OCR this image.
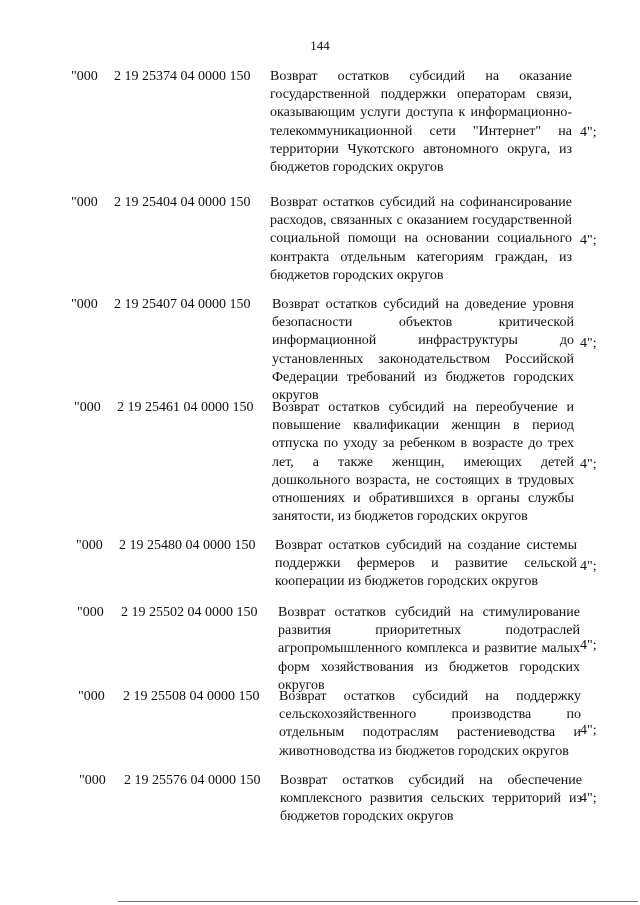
144
"000 2 19 25374 04 0000 150 Возврат остатков субсидий на оказание государственной поддержки операторам связи, оказывающим услуги доступа к информационно-телекоммуникационной сети "Интернет" на территории Чукотского автономного округа, из бюджетов городских округов
4";
"000 2 19 25404 04 0000 150 Возврат остатков субсидий на софинансирование расходов, связанных с оказанием государственной социальной помощи на основании социального контракта отдельным категориям граждан, из бюджетов городских округов
4";
"000 2 19 25407 04 0000 150 Возврат остатков субсидий на доведение уровня безопасности объектов критической информационной инфраструктуры до установленных законодательством Российской Федерации требований из бюджетов городских округов
4";
"000 2 19 25461 04 0000 150 Возврат остатков субсидий на переобучение и повышение квалификации женщин в период отпуска по уходу за ребенком в возрасте до трех лет, а также женщин, имеющих детей дошкольного возраста, не состоящих в трудовых отношениях и обратившихся в органы службы занятости, из бюджетов городских округов
4";
"000 2 19 25480 04 0000 150 Возврат остатков субсидий на создание системы поддержки фермеров и развитие сельской кооперации из бюджетов городских округов
4";
"000 2 19 25502 04 0000 150 Возврат остатков субсидий на стимулирование развития приоритетных подотраслей агропромышленного комплекса и развитие малых форм хозяйствования из бюджетов городских округов
4";
"000 2 19 25508 04 0000 150 Возврат остатков субсидий на поддержку сельскохозяйственного производства по отдельным подотраслям растениеводства и животноводства из бюджетов городских округов
4";
"000 2 19 25576 04 0000 150 Возврат остатков субсидий на обеспечение комплексного развития сельских территорий из бюджетов городских округов
4";
